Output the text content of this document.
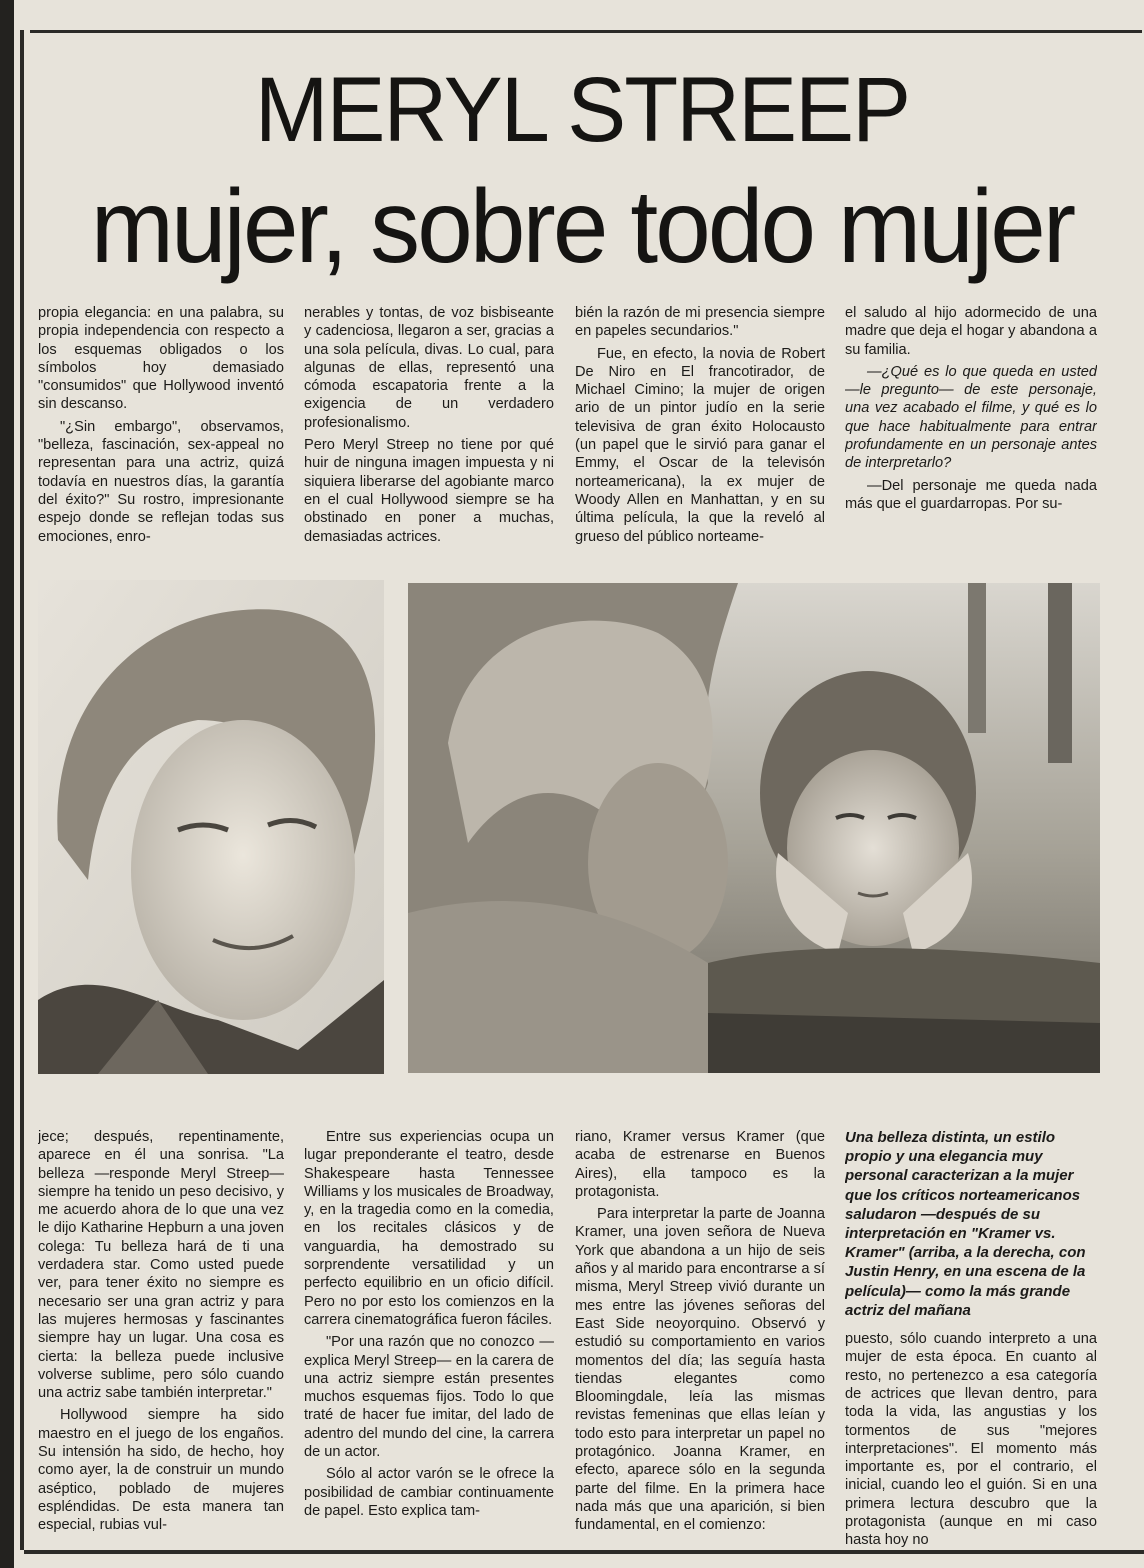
MERYL STREEP
mujer, sobre todo mujer

propia elegancia: en una palabra, su propia independencia con respecto a los esquemas obligados o los símbolos hoy demasiado "consumidos" que Hollywood inventó sin descanso.

"¿Sin embargo", observamos, "belleza, fascinación, sex-appeal no representan para una actriz, quizá todavía en nuestros días, la garantía del éxito?" Su rostro, impresionante espejo donde se reflejan todas sus emociones, enro-

nerables y tontas, de voz bisbiseante y cadenciosa, llegaron a ser, gracias a una sola película, divas. Lo cual, para algunas de ellas, representó una cómoda escapatoria frente a la exigencia de un verdadero profesionalismo.

Pero Meryl Streep no tiene por qué huir de ninguna imagen impuesta y ni siquiera liberarse del agobiante marco en el cual Hollywood siempre se ha obstinado en poner a muchas, demasiadas actrices.

bién la razón de mi presencia siempre en papeles secundarios."

Fue, en efecto, la novia de Robert De Niro en El francotirador, de Michael Cimino; la mujer de origen ario de un pintor judío en la serie televisiva de gran éxito Holocausto (un papel que le sirvió para ganar el Emmy, el Oscar de la televisón norteamericana), la ex mujer de Woody Allen en Manhattan, y en su última película, la que la reveló al grueso del público norteame-

el saludo al hijo adormecido de una madre que deja el hogar y abandona a su familia.

—¿Qué es lo que queda en usted —le pregunto— de este personaje, una vez acabado el filme, y qué es lo que hace habitualmente para entrar profundamente en un personaje antes de interpretarlo?

—Del personaje me queda nada más que el guardarropas. Por su-

jece; después, repentinamente, aparece en él una sonrisa. "La belleza —responde Meryl Streep— siempre ha tenido un peso decisivo, y me acuerdo ahora de lo que una vez le dijo Katharine Hepburn a una joven colega: Tu belleza hará de ti una verdadera star. Como usted puede ver, para tener éxito no siempre es necesario ser una gran actriz y para las mujeres hermosas y fascinantes siempre hay un lugar. Una cosa es cierta: la belleza puede inclusive volverse sublime, pero sólo cuando una actriz sabe también interpretar."

Hollywood siempre ha sido maestro en el juego de los engaños. Su intensión ha sido, de hecho, hoy como ayer, la de construir un mundo aséptico, poblado de mujeres espléndidas. De esta manera tan especial, rubias vul-

Entre sus experiencias ocupa un lugar preponderante el teatro, desde Shakespeare hasta Tennessee Williams y los musicales de Broadway, y, en la tragedia como en la comedia, en los recitales clásicos y de vanguardia, ha demostrado su sorprendente versatilidad y un perfecto equilibrio en un oficio difícil. Pero no por esto los comienzos en la carrera cinematográfica fueron fáciles.

"Por una razón que no conozco —explica Meryl Streep— en la carera de una actriz siempre están presentes muchos esquemas fijos. Todo lo que traté de hacer fue imitar, del lado de adentro del mundo del cine, la carrera de un actor.

Sólo al actor varón se le ofrece la posibilidad de cambiar continuamente de papel. Esto explica tam-

riano, Kramer versus Kramer (que acaba de estrenarse en Buenos Aires), ella tampoco es la protagonista.

Para interpretar la parte de Joanna Kramer, una joven señora de Nueva York que abandona a un hijo de seis años y al marido para encontrarse a sí misma, Meryl Streep vivió durante un mes entre las jóvenes señoras del East Side neoyorquino. Observó y estudió su comportamiento en varios momentos del día; las seguía hasta tiendas elegantes como Bloomingdale, leía las mismas revistas femeninas que ellas leían y todo esto para interpretar un papel no protagónico. Joanna Kramer, en efecto, aparece sólo en la segunda parte del filme. En la primera hace nada más que una aparición, si bien fundamental, en el comienzo:

Una belleza distinta, un estilo propio y una elegancia muy personal caracterizan a la mujer que los críticos norteamericanos saludaron —después de su interpretación en "Kramer vs. Kramer" (arriba, a la derecha, con Justin Henry, en una escena de la película)— como la más grande actriz del mañana

puesto, sólo cuando interpreto a una mujer de esta época. En cuanto al resto, no pertenezco a esa categoría de actrices que llevan dentro, para toda la vida, las angustias y los tormentos de sus "mejores interpretaciones". El momento más importante es, por el contrario, el inicial, cuando leo el guión. Si en una primera lectura descubro que la protagonista (aunque en mi caso hasta hoy no
